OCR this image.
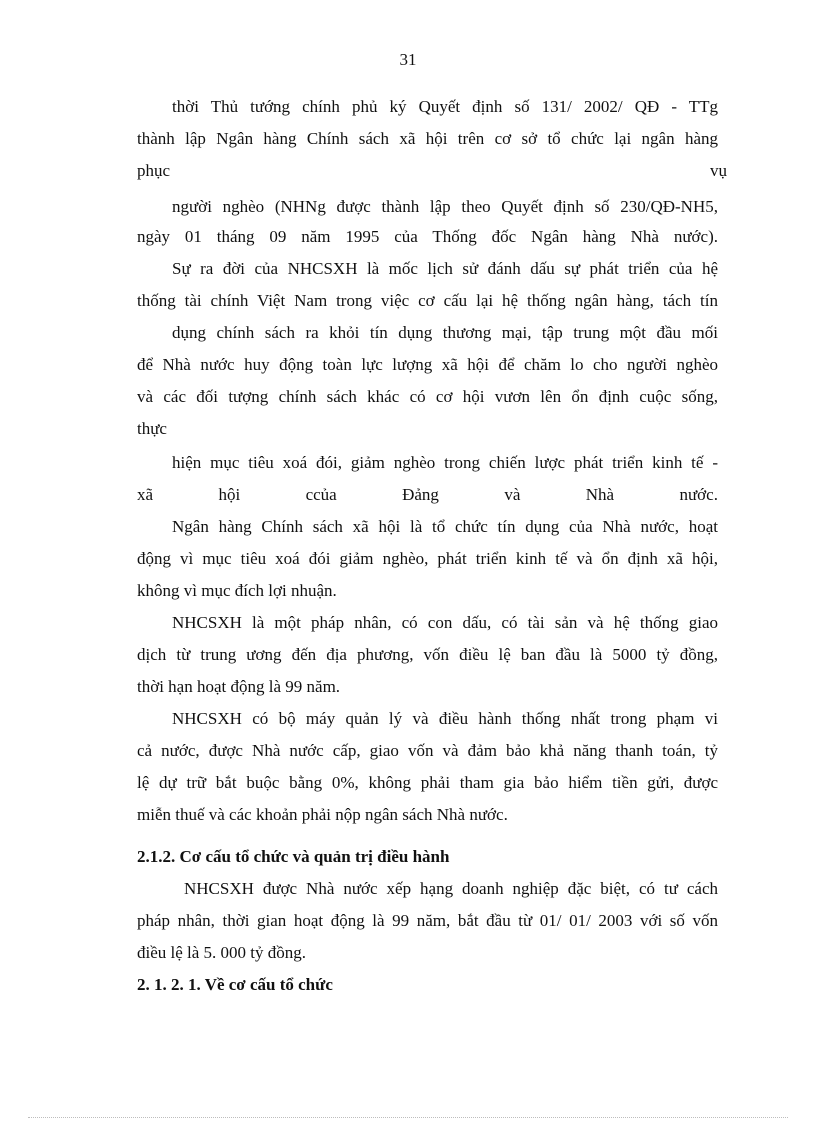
31
thời Thủ tướng chính phủ ký Quyết định số 131/ 2002/ QĐ - TTg
thành lập Ngân hàng Chính sách xã hội trên cơ sở tổ chức lại ngân hàng
phục	vụ
người nghèo (NHNg được thành lập theo Quyết định số 230/QĐ-NH5,
ngày 01 tháng 09 năm 1995 của Thống đốc Ngân hàng Nhà nước).
Sự ra đời của NHCSXH là mốc lịch sử đánh dấu sự phát triển của hệ
thống tài chính Việt Nam trong việc cơ cấu lại hệ thống ngân hàng, tách tín
dụng chính sách ra khỏi tín dụng thương mại, tập trung một đầu mối
để Nhà nước huy động toàn lực lượng xã hội để chăm lo cho người nghèo
và các đối tượng chính sách khác có cơ hội vươn lên ổn định cuộc sống,
thực
hiện mục tiêu xoá đói, giảm nghèo trong chiến lược phát triển kinh tế -
xã	hội	ccủa	Đảng	và	Nhà	nước.
Ngân hàng Chính sách xã hội là tổ chức tín dụng của Nhà nước, hoạt
động vì mục tiêu xoá đói giảm nghèo, phát triển kinh tế và ổn định xã hội,
không vì mục đích lợi nhuận.
NHCSXH là một pháp nhân, có con dấu, có tài sản và hệ thống giao
dịch từ trung ương đến địa phương, vốn điều lệ ban đầu là 5000 tỷ đồng,
thời hạn hoạt động là 99 năm.
NHCSXH có bộ máy quản lý và điều hành thống nhất trong phạm vi
cả nước, được Nhà nước cấp, giao vốn và đảm bảo khả năng thanh toán, tỷ
lệ dự trữ bắt buộc bằng 0%, không phải tham gia bảo hiểm tiền gửi, được
miễn thuế và các khoản phải nộp ngân sách Nhà nước.
2.1.2. Cơ cấu tổ chức và quản trị điều hành
NHCSXH được Nhà nước xếp hạng doanh nghiệp đặc biệt, có tư cách
pháp nhân, thời gian hoạt động là 99 năm, bắt đầu từ 01/ 01/ 2003 với số vốn
điều lệ là 5. 000 tỷ đồng.
2. 1. 2. 1. Về cơ cấu tổ chức
